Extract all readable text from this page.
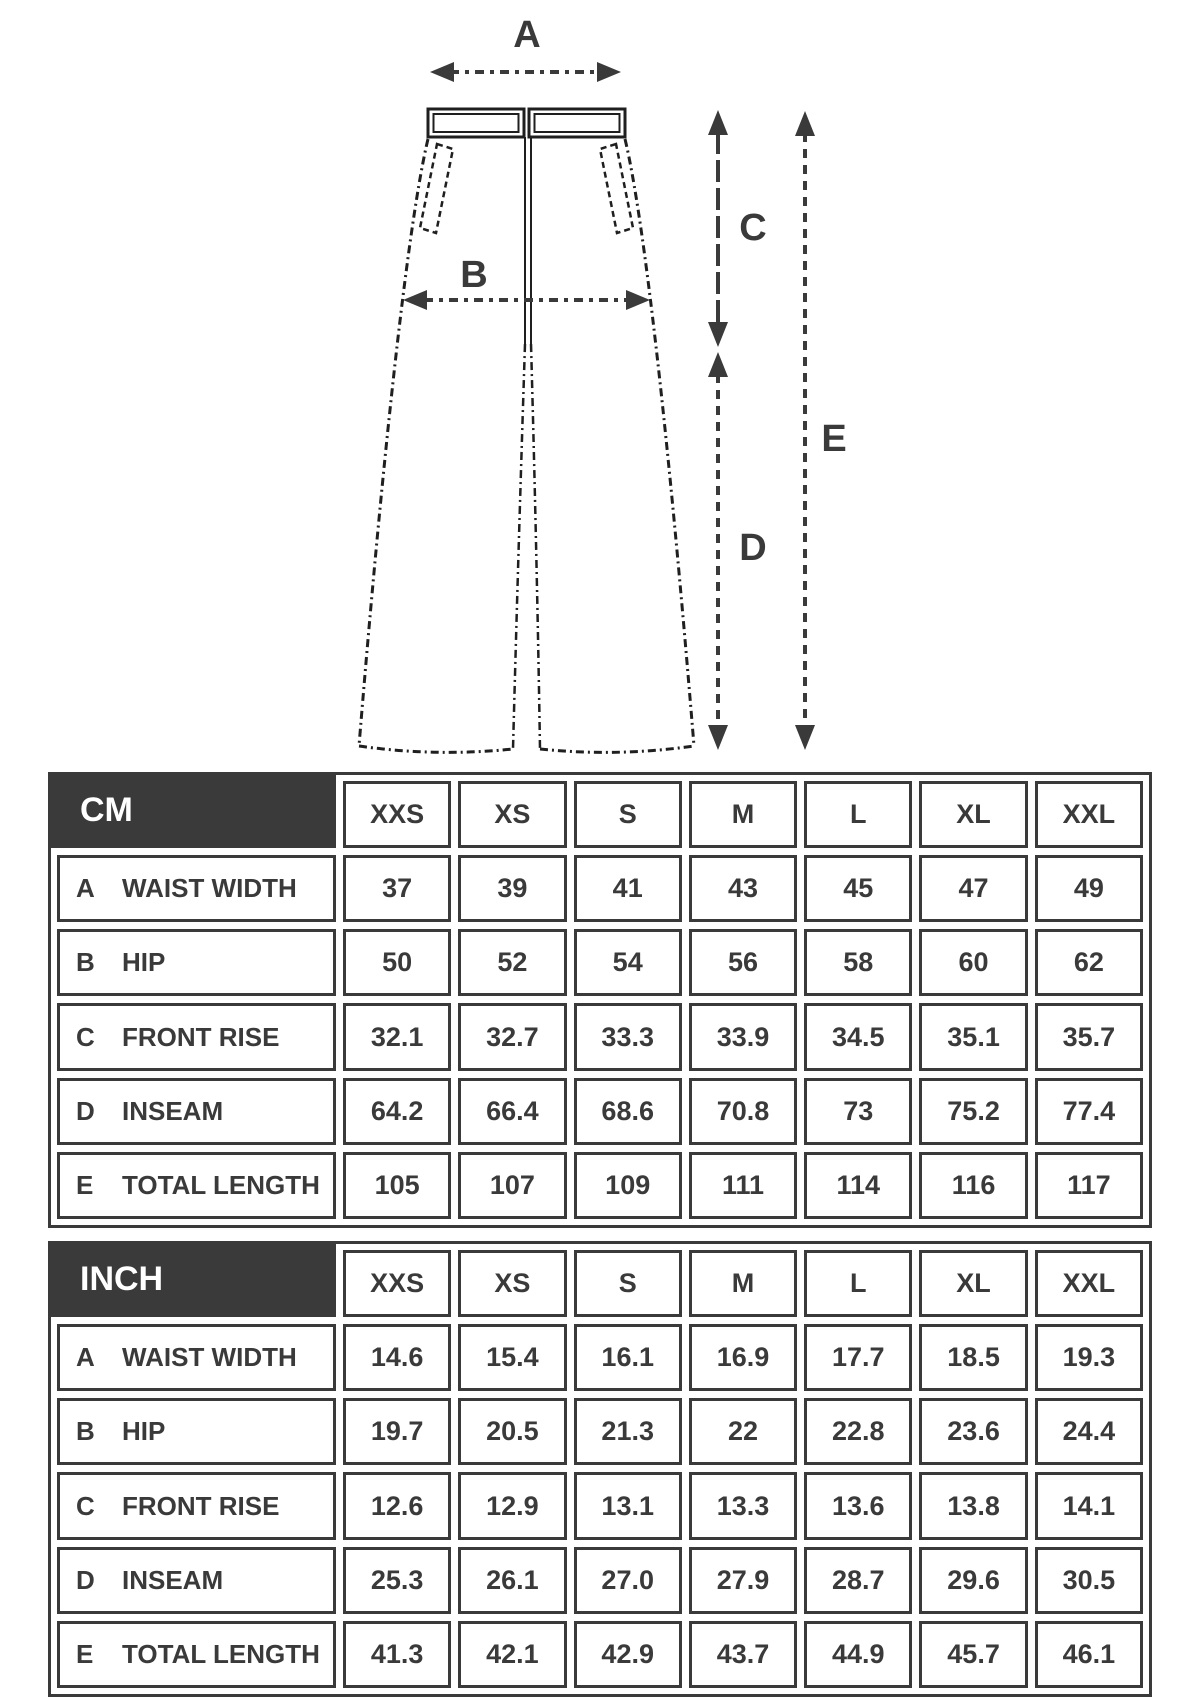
A
B
C
D
E
CM	XXS	XS	S	M	L	XL	XXL
A	WAIST WIDTH	37	39	41	43	45	47	49
B	HIP	50	52	54	56	58	60	62
C	FRONT RISE	32.1	32.7	33.3	33.9	34.5	35.1	35.7
D	INSEAM	64.2	66.4	68.6	70.8	73	75.2	77.4
E	TOTAL LENGTH	105	107	109	111	114	116	117
INCH	XXS	XS	S	M	L	XL	XXL
A	WAIST WIDTH	14.6	15.4	16.1	16.9	17.7	18.5	19.3
B	HIP	19.7	20.5	21.3	22	22.8	23.6	24.4
C	FRONT RISE	12.6	12.9	13.1	13.3	13.6	13.8	14.1
D	INSEAM	25.3	26.1	27.0	27.9	28.7	29.6	30.5
E	TOTAL LENGTH	41.3	42.1	42.9	43.7	44.9	45.7	46.1
